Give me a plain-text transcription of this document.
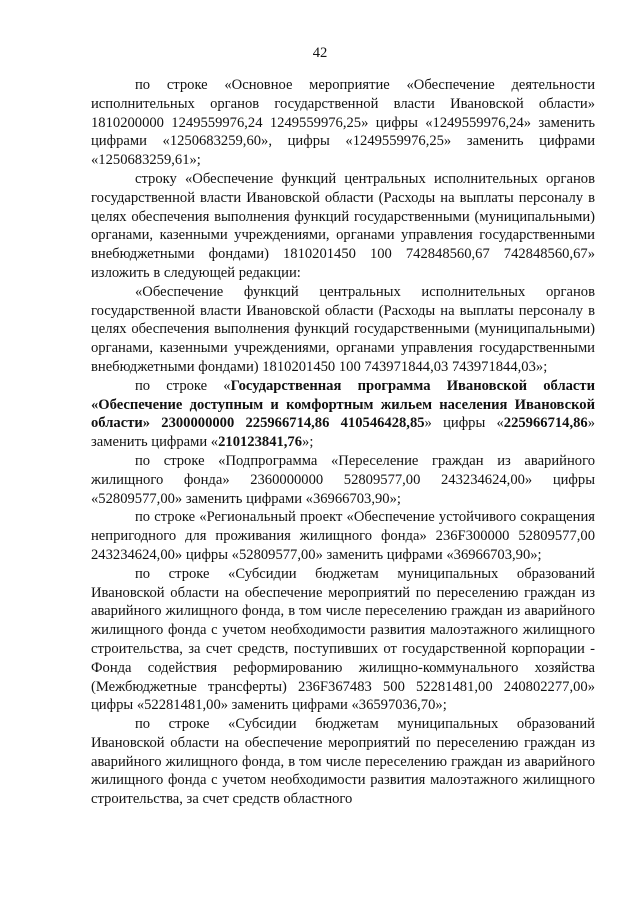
42

по строке «Основное мероприятие «Обеспечение деятельности исполнительных органов государственной власти Ивановской области» 1810200000 1249559976,24 1249559976,25» цифры «1249559976,24» заменить цифрами «1250683259,60», цифры «1249559976,25» заменить цифрами «1250683259,61»;

строку «Обеспечение функций центральных исполнительных органов государственной власти Ивановской области (Расходы на выплаты персоналу в целях обеспечения выполнения функций государственными (муниципальными) органами, казенными учреждениями, органами управления государственными внебюджетными фондами) 1810201450 100 742848560,67 742848560,67» изложить в следующей редакции:

«Обеспечение функций центральных исполнительных органов государственной власти Ивановской области (Расходы на выплаты персоналу в целях обеспечения выполнения функций государственными (муниципальными) органами, казенными учреждениями, органами управления государственными внебюджетными фондами) 1810201450 100 743971844,03 743971844,03»;

по строке «Государственная программа Ивановской области «Обеспечение доступным и комфортным жильем населения Ивановской области» 2300000000 225966714,86 410546428,85» цифры «225966714,86» заменить цифрами «210123841,76»;

по строке «Подпрограмма «Переселение граждан из аварийного жилищного фонда» 2360000000 52809577,00 243234624,00» цифры «52809577,00» заменить цифрами «36966703,90»;

по строке «Региональный проект «Обеспечение устойчивого сокращения непригодного для проживания жилищного фонда» 236F300000 52809577,00 243234624,00» цифры «52809577,00» заменить цифрами «36966703,90»;

по строке «Субсидии бюджетам муниципальных образований Ивановской области на обеспечение мероприятий по переселению граждан из аварийного жилищного фонда, в том числе переселению граждан из аварийного жилищного фонда с учетом необходимости развития малоэтажного жилищного строительства, за счет средств, поступивших от государственной корпорации - Фонда содействия реформированию жилищно-коммунального хозяйства (Межбюджетные трансферты) 236F367483 500 52281481,00 240802277,00» цифры «52281481,00» заменить цифрами «36597036,70»;

по строке «Субсидии бюджетам муниципальных образований Ивановской области на обеспечение мероприятий по переселению граждан из аварийного жилищного фонда, в том числе переселению граждан из аварийного жилищного фонда с учетом необходимости развития малоэтажного жилищного строительства, за счет средств областного
